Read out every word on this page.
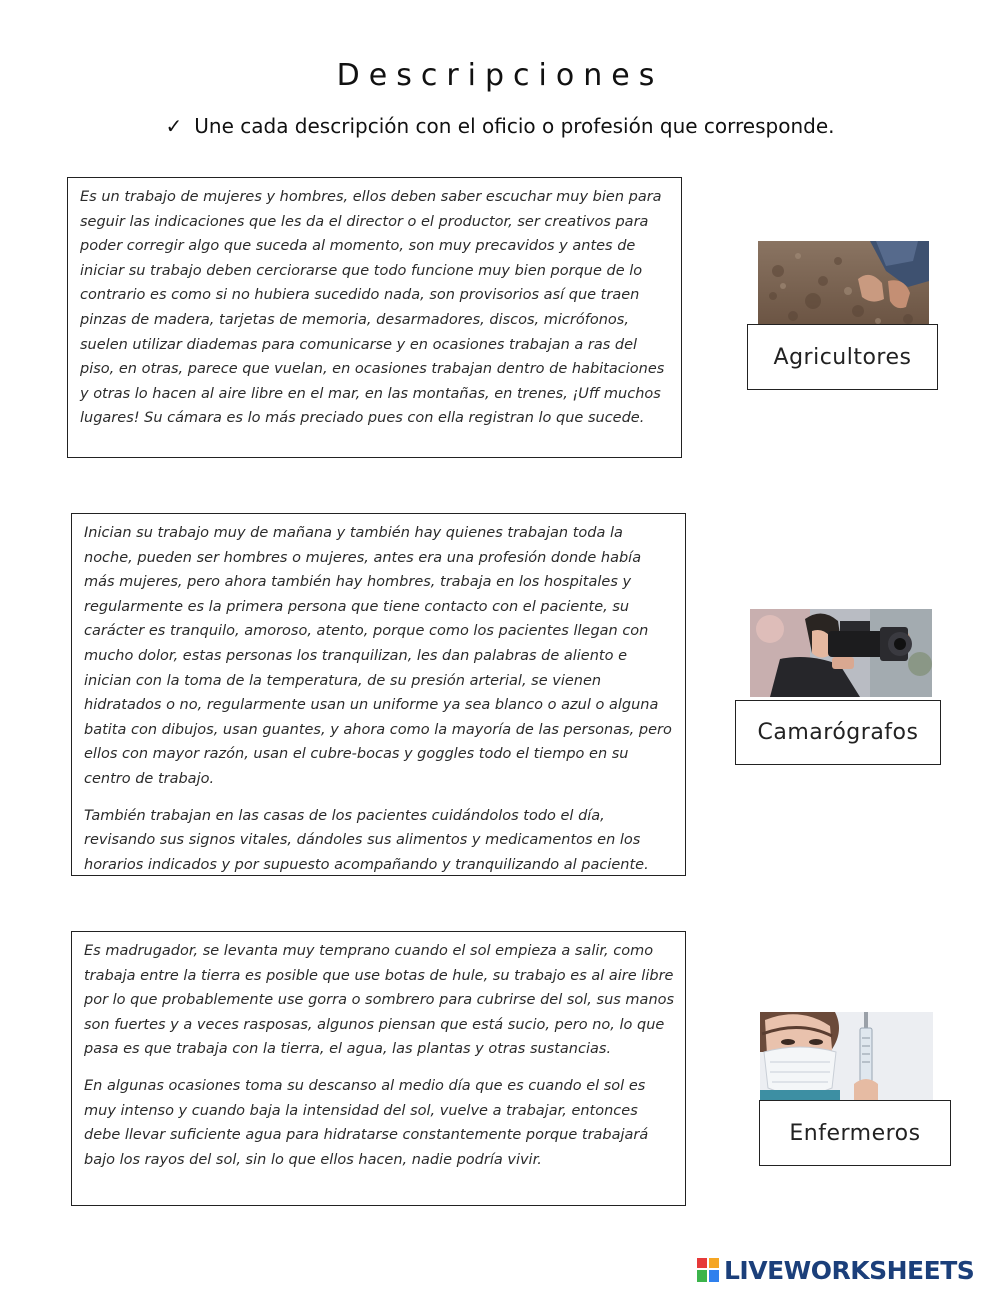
Descripciones
✓ Une cada descripción con el oficio o profesión que corresponde.

Es un trabajo de mujeres y hombres, ellos deben saber escuchar muy bien para seguir las indicaciones que les da el director o el productor, ser creativos para poder corregir algo que suceda al momento, son muy precavidos y antes de iniciar su trabajo deben cerciorarse que todo funcione muy bien porque de lo contrario es como si no hubiera sucedido nada, son provisorios así que traen pinzas de madera, tarjetas de memoria, desarmadores, discos, micrófonos, suelen utilizar diademas para comunicarse y en ocasiones trabajan a ras del piso, en otras, parece que vuelan, en ocasiones trabajan dentro de habitaciones y otras lo hacen al aire libre en el mar, en las montañas, en trenes, ¡Uff muchos lugares! Su cámara es lo más preciado pues con ella registran lo que sucede.

Inician su trabajo muy de mañana y también hay quienes trabajan toda la noche, pueden ser hombres o mujeres, antes era una profesión donde había más mujeres, pero ahora también hay hombres, trabaja en los hospitales y regularmente es la primera persona que tiene contacto con el paciente, su carácter es tranquilo, amoroso, atento, porque como los pacientes llegan con mucho dolor, estas personas los tranquilizan, les dan palabras de aliento e inician con la toma de la temperatura, de su presión arterial, se vienen hidratados o no, regularmente usan un uniforme ya sea blanco o azul o alguna batita con dibujos, usan guantes, y ahora como la mayoría de las personas, pero ellos con mayor razón, usan el cubre-bocas y goggles todo el tiempo en su centro de trabajo.

También trabajan en las casas de los pacientes cuidándolos todo el día, revisando sus signos vitales, dándoles sus alimentos y medicamentos en los horarios indicados y por supuesto acompañando y tranquilizando al paciente.

Es madrugador, se levanta muy temprano cuando el sol empieza a salir, como trabaja entre la tierra es posible que use botas de hule, su trabajo es al aire libre por lo que probablemente use gorra o sombrero para cubrirse del sol, sus manos son fuertes y a veces rasposas, algunos piensan que está sucio, pero no, lo que pasa es que trabaja con la tierra, el agua, las plantas y otras sustancias.

En algunas ocasiones toma su descanso al medio día que es cuando el sol es muy intenso y cuando baja la intensidad del sol, vuelve a trabajar, entonces debe llevar suficiente agua para hidratarse constantemente porque trabajará bajo los rayos del sol, sin lo que ellos hacen, nadie podría vivir.

Agricultores
Camarógrafos
Enfermeros
LIVEWORKSHEETS
